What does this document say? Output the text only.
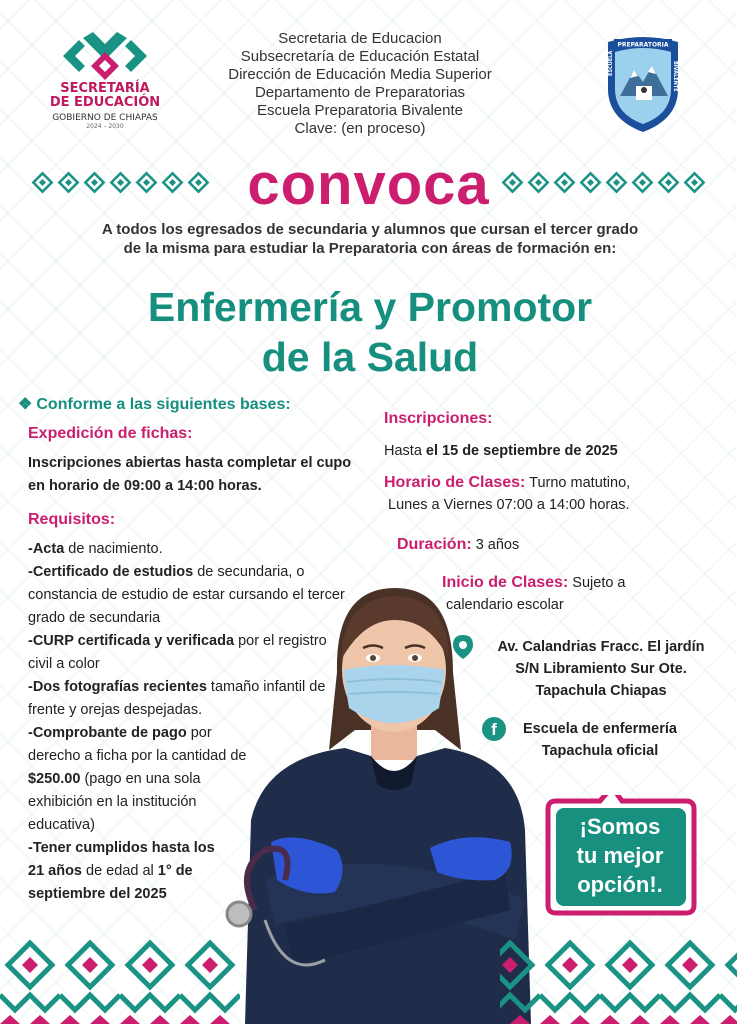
SECRETARÍA
DE EDUCACIÓN
GOBIERNO DE CHIAPAS
2024 – 2030
Secretaria de Educacion
Subsecretaría de Educación Estatal
Dirección de Educación Media Superior
Departamento de Preparatorias
Escuela Preparatoria Bivalente
Clave: (en proceso)
PREPARATORIA
ESCUELA	BIVALENTE
convoca
A todos los egresados de secundaria y alumnos que cursan el tercer grado de la misma para estudiar la Preparatoria con áreas de formación en:
Enfermería y Promotor
de la Salud
❖ Conforme a las siguientes bases:
Expedición de fichas:
Inscripciones abiertas hasta completar el cupo en horario de 09:00 a 14:00 horas.
Requisitos:
-Acta de nacimiento.
-Certificado de estudios de secundaria, o constancia de estudio de estar cursando el tercer grado de secundaria
-CURP certificada y verificada por el registro civil a color
-Dos fotografías recientes tamaño infantil de frente y orejas despejadas.
-Comprobante de pago por derecho a ficha por la cantidad de $250.00 (pago en una sola exhibición en la institución educativa)
-Tener cumplidos hasta los 21 años de edad al 1° de septiembre del 2025
Inscripciones:
Hasta el 15 de septiembre de 2025
Horario de Clases: Turno matutino,
Lunes a Viernes 07:00 a 14:00 horas.
Duración: 3 años
Inicio de Clases: Sujeto a
calendario escolar
Av. Calandrias Fracc. El jardín
S/N Libramiento Sur Ote.
Tapachula Chiapas
f	Escuela de enfermería
Tapachula oficial
¡Somos
tu mejor
opción!.
